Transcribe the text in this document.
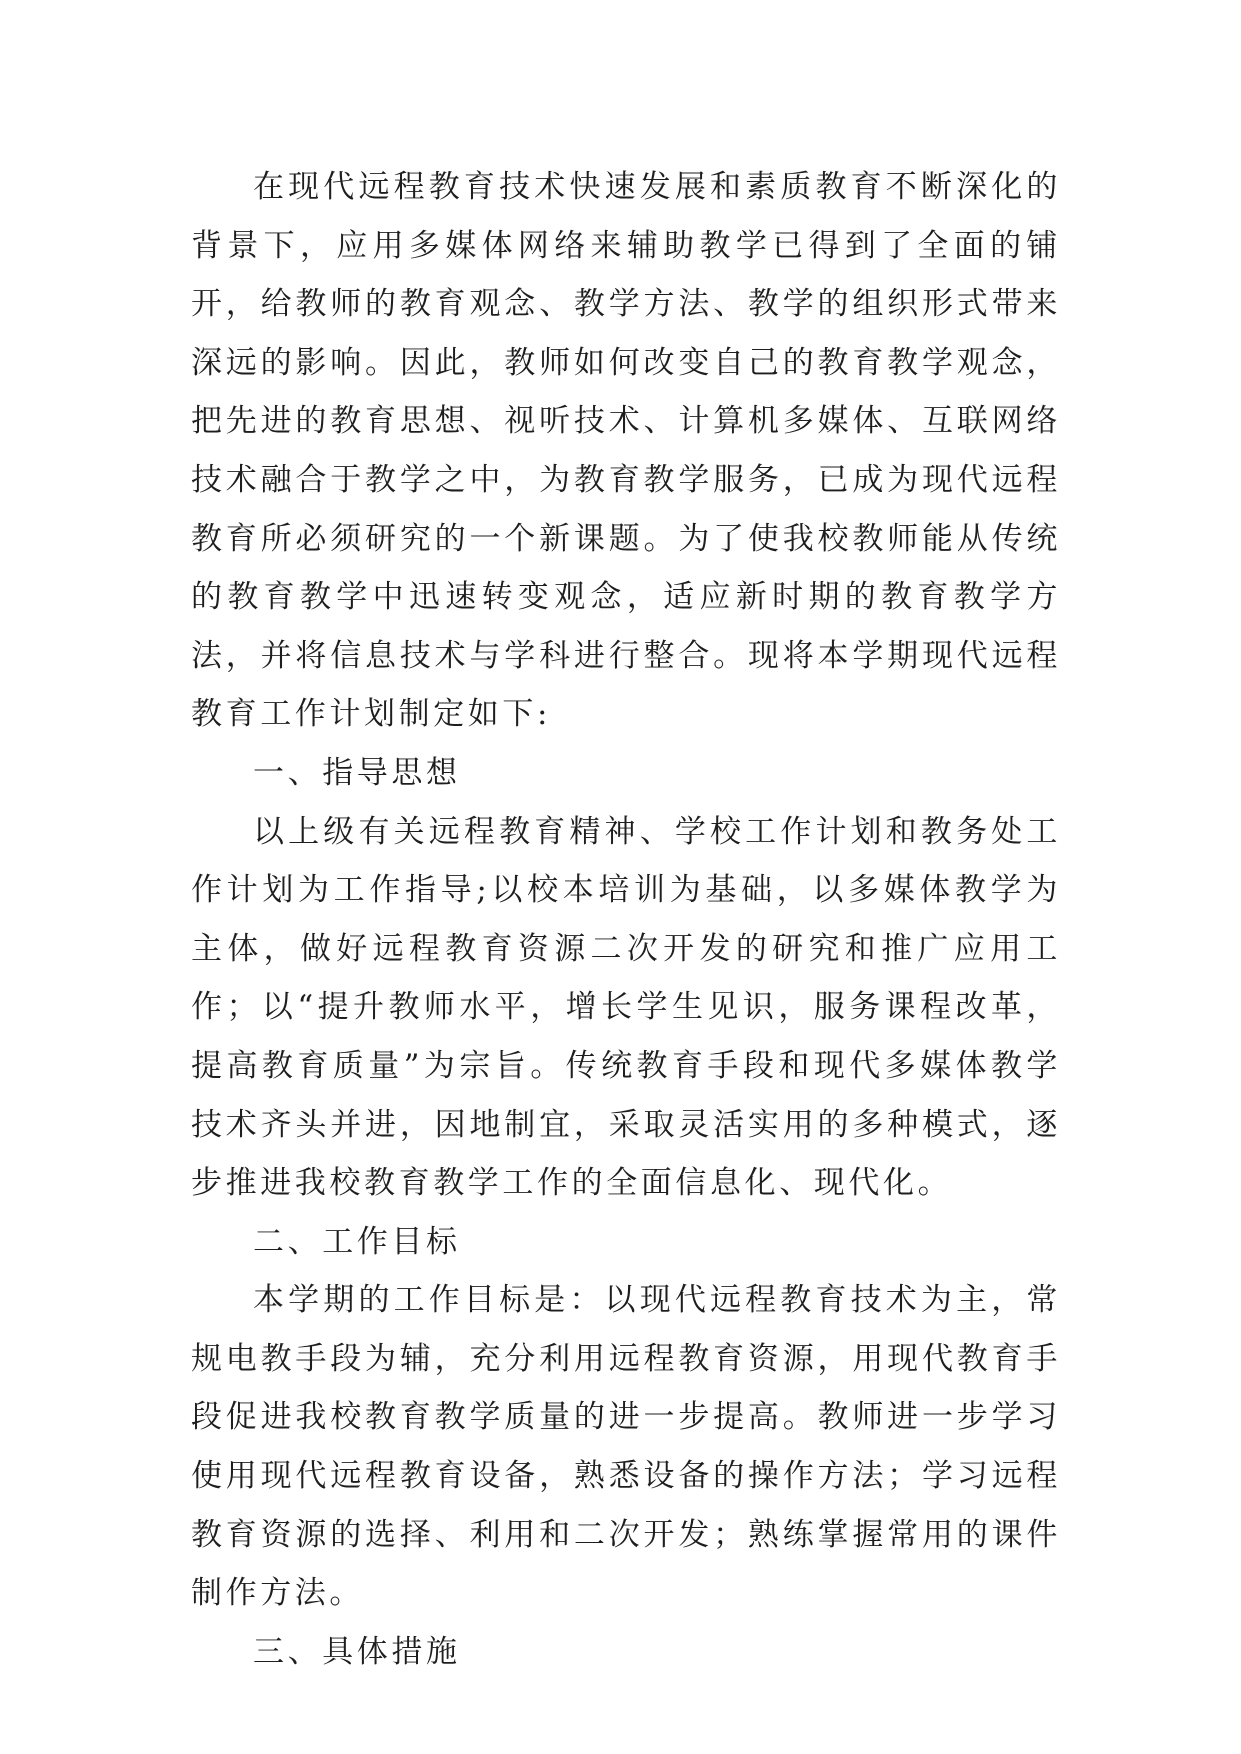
在现代远程教育技术快速发展和素质教育不断深化的背景下，应用多媒体网络来辅助教学已得到了全面的铺开，给教师的教育观念、教学方法、教学的组织形式带来深远的影响。因此，教师如何改变自己的教育教学观念，把先进的教育思想、视听技术、计算机多媒体、互联网络技术融合于教学之中，为教育教学服务，已成为现代远程教育所必须研究的一个新课题。为了使我校教师能从传统的教育教学中迅速转变观念，适应新时期的教育教学方法，并将信息技术与学科进行整合。现将本学期现代远程教育工作计划制定如下:

一、指导思想

以上级有关远程教育精神、学校工作计划和教务处工作计划为工作指导;以校本培训为基础，以多媒体教学为主体，做好远程教育资源二次开发的研究和推广应用工作；以“提升教师水平，增长学生见识，服务课程改革，提高教育质量”为宗旨。传统教育手段和现代多媒体教学技术齐头并进，因地制宜，采取灵活实用的多种模式，逐步推进我校教育教学工作的全面信息化、现代化。

二、工作目标

本学期的工作目标是：以现代远程教育技术为主，常规电教手段为辅，充分利用远程教育资源，用现代教育手段促进我校教育教学质量的进一步提高。教师进一步学习使用现代远程教育设备，熟悉设备的操作方法；学习远程教育资源的选择、利用和二次开发；熟练掌握常用的课件制作方法。

三、具体措施
